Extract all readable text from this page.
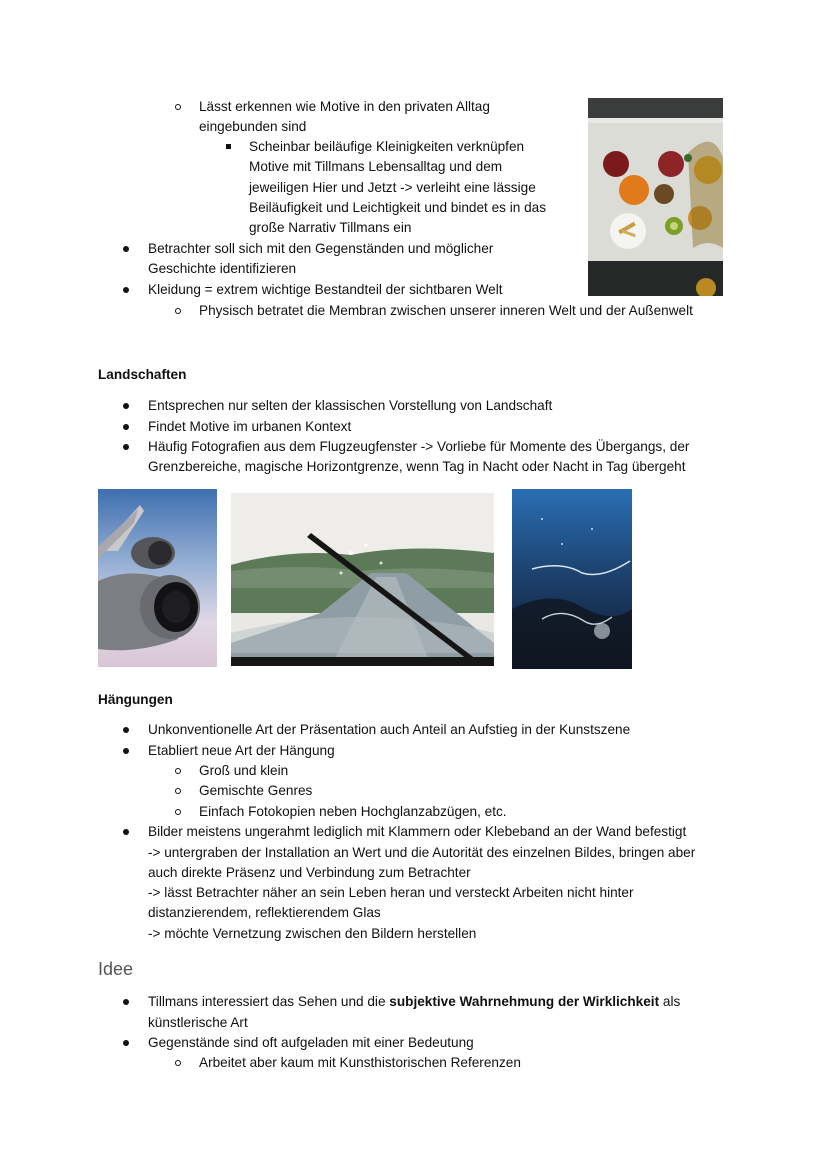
Lässt erkennen wie Motive in den privaten Alltag
eingebunden sind
Scheinbar beiläufige Kleinigkeiten verknüpfen
Motive mit Tillmans Lebensalltag und dem
jeweiligen Hier und Jetzt -> verleiht eine lässige
Beiläufigkeit und Leichtigkeit und bindet es in das
große Narrativ Tillmans ein
Betrachter soll sich mit den Gegenständen und möglicher
Geschichte identifizieren
Kleidung = extrem wichtige Bestandteil der sichtbaren Welt
Physisch betratet die Membran zwischen unserer inneren Welt und der Außenwelt
Landschaften
Entsprechen nur selten der klassischen Vorstellung von Landschaft
Findet Motive im urbanen Kontext
Häufig Fotografien aus dem Flugzeugfenster -> Vorliebe für Momente des Übergangs, der
Grenzbereiche, magische Horizontgrenze, wenn Tag in Nacht oder Nacht in Tag übergeht
Hängungen
Unkonventionelle Art der Präsentation auch Anteil an Aufstieg in der Kunstszene
Etabliert neue Art der Hängung
Groß und klein
Gemischte Genres
Einfach Fotokopien neben Hochglanzabzügen, etc.
Bilder meistens ungerahmt lediglich mit Klammern oder Klebeband an der Wand befestigt
-> untergraben der Installation an Wert und die Autorität des einzelnen Bildes, bringen aber
auch direkte Präsenz und Verbindung zum Betrachter
-> lässt Betrachter näher an sein Leben heran und versteckt Arbeiten nicht hinter
distanzierendem, reflektierendem Glas
-> möchte Vernetzung zwischen den Bildern herstellen
Idee
Tillmans interessiert das Sehen und die subjektive Wahrnehmung der Wirklichkeit als
künstlerische Art
Gegenstände sind oft aufgeladen mit einer Bedeutung
Arbeitet aber kaum mit Kunsthistorischen Referenzen
